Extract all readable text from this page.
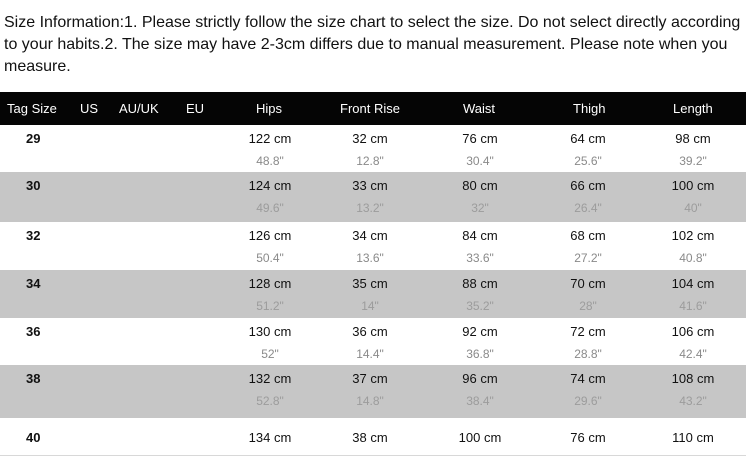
Size Information:1. Please strictly follow the size chart to select the size. Do not select directly according to your habits.2. The size may have 2-3cm differs due to manual measurement. Please note when you measure.
Tag Size US AU/UK EU	Hips	Front Rise	Waist	Thigh	Length
29	122 cm	32 cm	76 cm	64 cm	98 cm
48.8"	12.8"	30.4"	25.6"	39.2"
30	124 cm	33 cm	80 cm	66 cm	100 cm
49.6"	13.2"	32"	26.4"	40"
32	126 cm	34 cm	84 cm	68 cm	102 cm
50.4"	13.6"	33.6"	27.2"	40.8"
34	128 cm	35 cm	88 cm	70 cm	104 cm
51.2"	14"	35.2"	28"	41.6"
36	130 cm	36 cm	92 cm	72 cm	106 cm
52"	14.4"	36.8"	28.8"	42.4"
38	132 cm	37 cm	96 cm	74 cm	108 cm
52.8"	14.8"	38.4"	29.6"	43.2"
40	134 cm	38 cm	100 cm	76 cm	110 cm
